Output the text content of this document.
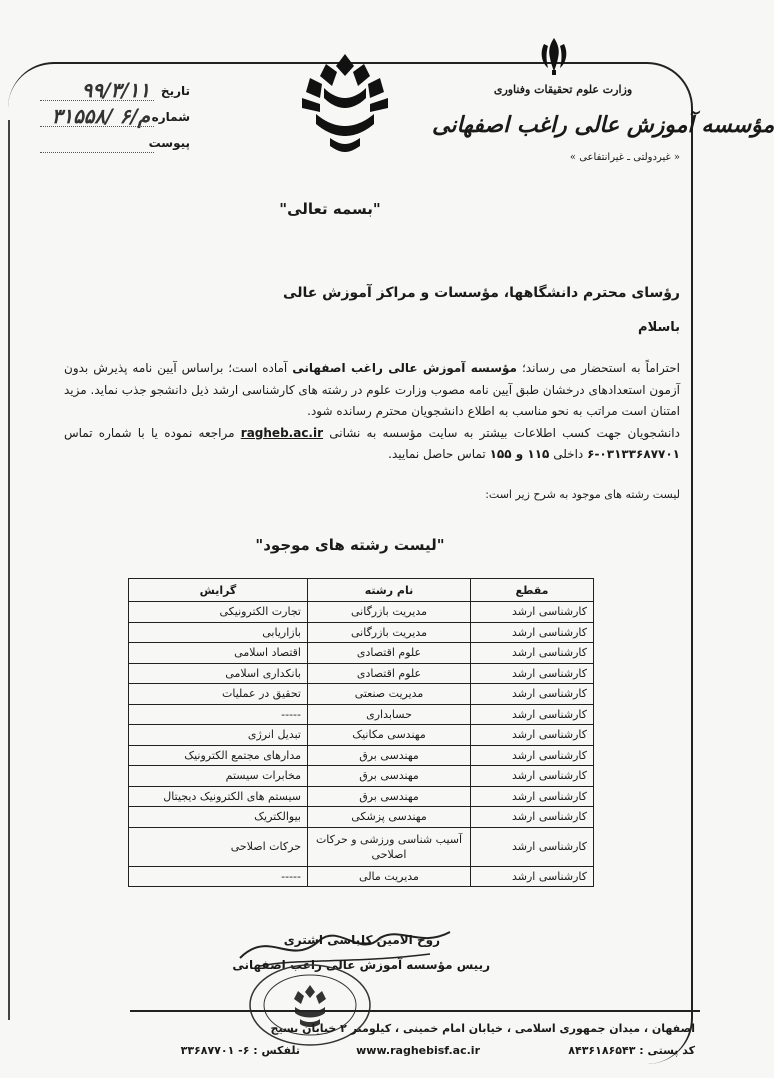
وزارت علوم تحقیقات وفناوری
مؤسسه آموزش عالی راغب اصفهانی
« غیردولتی ـ غیرانتفاعی »
تاریخ
۹۹/۳/۱۱
شماره
۳۱۵۵۸/ م/۶
پیوست
"بسمه تعالی"
رؤسای محترم دانشگاهها، مؤسسات و مراکز آموزش عالی
باسلام

احتراماً به استحضار می رساند؛ مؤسسه آموزش عالی راغب اصفهانی آماده است؛ براساس آیین نامه پذیرش بدون آزمون استعدادهای درخشان طبق آیین نامه مصوب وزارت علوم در رشته های کارشناسی ارشد ذیل دانشجو جذب نماید. مزید امتنان است مراتب به نحو مناسب به اطلاع دانشجویان محترم رسانده شود.

دانشجویان جهت کسب اطلاعات بیشتر به سایت مؤسسه به نشانی ragheb.ac.ir مراجعه نموده یا با شماره تماس ۰۳۱۳۳۶۸۷۷۰۱-۶ داخلی ۱۱۵ و ۱۵۵ تماس حاصل نمایید.

لیست رشته های موجود به شرح زیر است:
"لیست رشته های موجود"
مقطع	نام رشته	گرایش
کارشناسی ارشد	مدیریت بازرگانی	تجارت الکترونیکی
کارشناسی ارشد	مدیریت بازرگانی	بازاریابی
کارشناسی ارشد	علوم اقتصادی	اقتصاد اسلامی
کارشناسی ارشد	علوم اقتصادی	بانکداری اسلامی
کارشناسی ارشد	مدیریت صنعتی	تحقیق در عملیات
کارشناسی ارشد	حسابداری	-----
کارشناسی ارشد	مهندسی مکانیک	تبدیل انرژی
کارشناسی ارشد	مهندسی برق	مدارهای مجتمع الکترونیک
کارشناسی ارشد	مهندسی برق	مخابرات سیستم
کارشناسی ارشد	مهندسی برق	سیستم های الکترونیک دیجیتال
کارشناسی ارشد	مهندسی پزشکی	بیوالکتریک
کارشناسی ارشد	آسیب شناسی ورزشی و حرکات اصلاحی	حرکات اصلاحی
کارشناسی ارشد	مدیریت مالی	-----
روح الامین کلباسی اشتری
رییس مؤسسه آموزش عالی راغب اصفهانی
اصفهان ، میدان جمهوری اسلامی ، خیابان امام خمینی ، کیلومتر ۲ خیابان بسیج
کد پستی : ۸۴۳۶۱۸۶۵۴۳
www.raghebisf.ac.ir
تلفکس : ۶- ۳۳۶۸۷۷۰۱
